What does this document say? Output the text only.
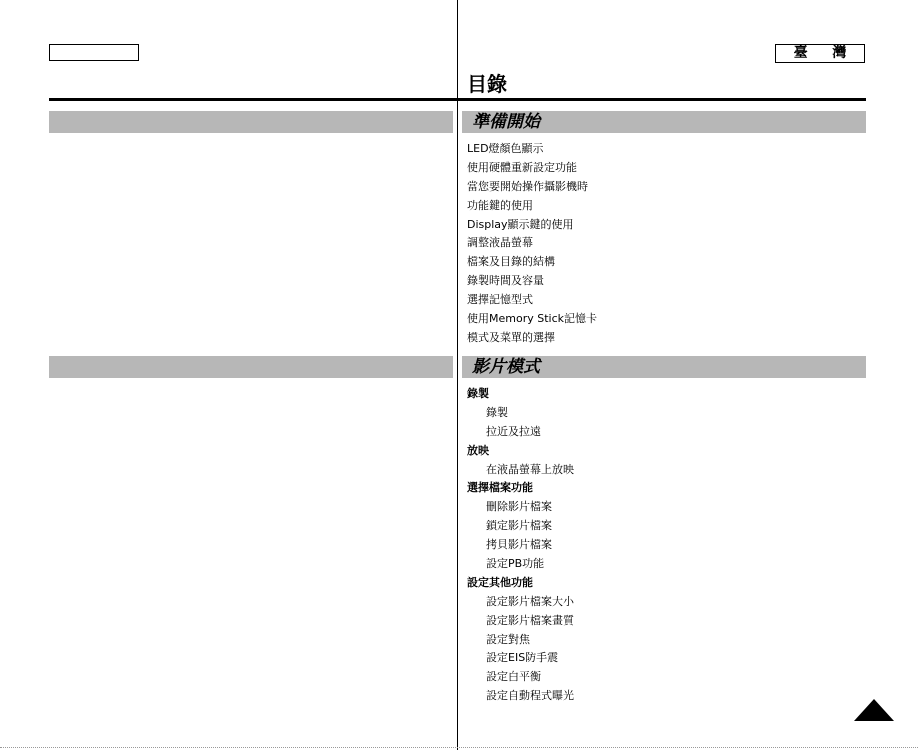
臺 灣
目錄
準備開始
LED燈顏色顯示
使用硬體重新設定功能
當您要開始操作攝影機時
功能鍵的使用
Display顯示鍵的使用
調整液晶螢幕
檔案及目錄的結構
錄製時間及容量
選擇記憶型式
使用Memory Stick記憶卡
模式及菜單的選擇
影片模式
錄製
錄製
拉近及拉遠
放映
在液晶螢幕上放映
選擇檔案功能
刪除影片檔案
鎖定影片檔案
拷貝影片檔案
設定PB功能
設定其他功能
設定影片檔案大小
設定影片檔案畫質
設定對焦
設定EIS防手震
設定白平衡
設定自動程式曝光
